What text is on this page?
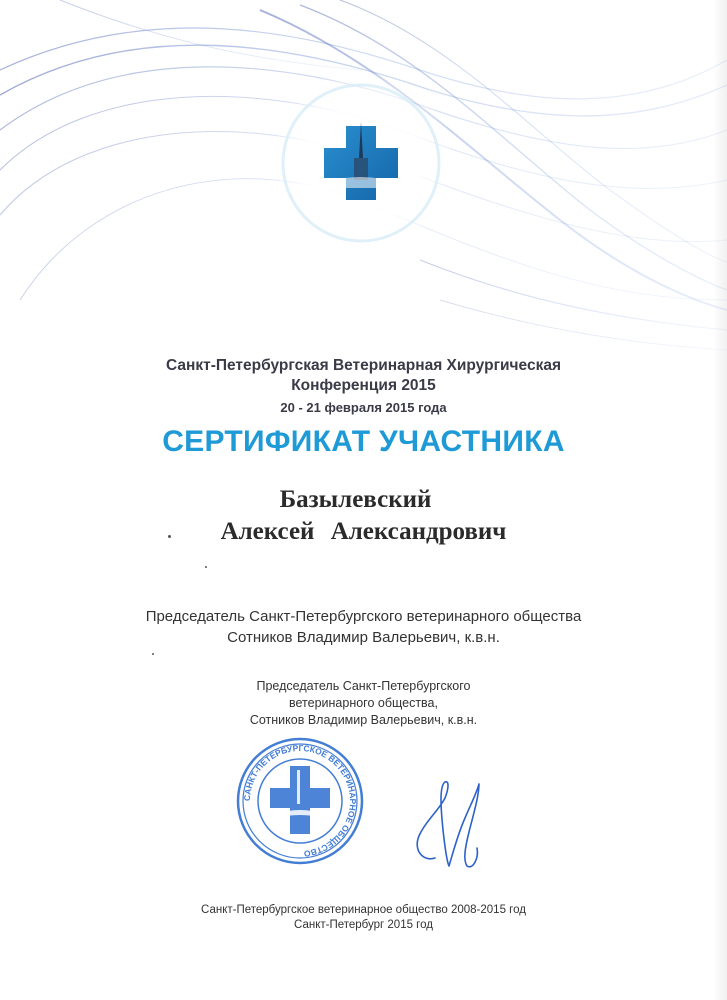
Санкт-Петербургская Ветеринарная Хирургическая
Конференция 2015
20 - 21 февраля 2015 года
СЕРТИФИКАТ УЧАСТНИКА
Базылевский
Алексей Александрович
Председатель Санкт-Петербургского ветеринарного общества
Сотников Владимир Валерьевич, к.в.н.
Председатель Санкт-Петербургского
ветеринарного общества,
Сотников Владимир Валерьевич, к.в.н.
САНКТ-ПЕТЕРБУРГСКОЕ ВЕТЕРИНАРНОЕ ОБЩЕСТВО
Санкт-Петербургское ветеринарное общество 2008-2015 год
Санкт-Петербург 2015 год
